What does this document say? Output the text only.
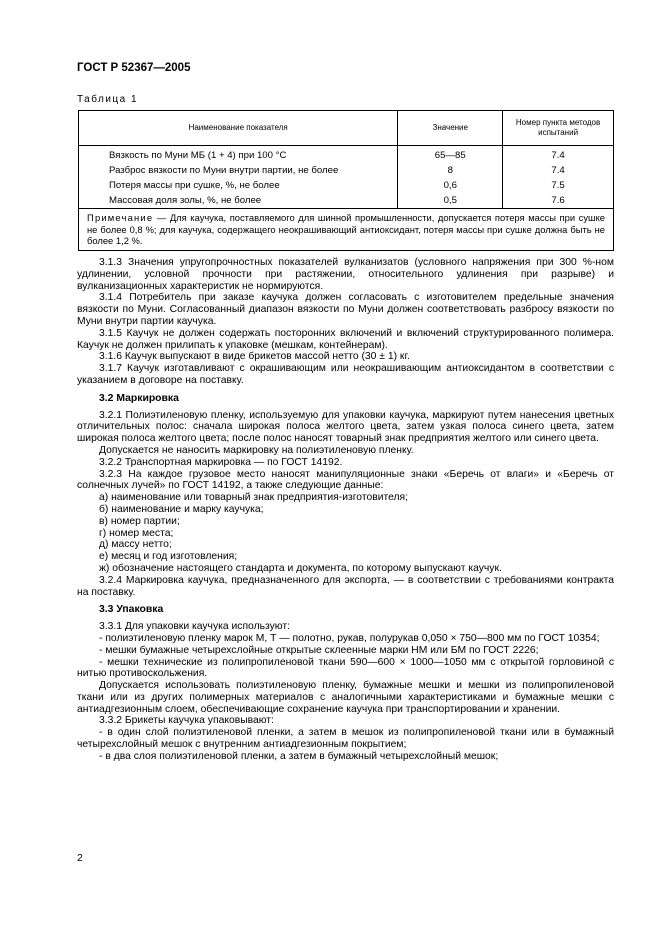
ГОСТ Р 52367—2005
Таблица 1
Наименование показателя	Значение	Номер пункта методов испытаний
Вязкость по Муни МБ (1 + 4) при 100 °С	65—85	7.4
Разброс вязкости по Муни внутри партии, не более	8	7.4
Потеря массы при сушке, %, не более	0,6	7.5
Массовая доля золы, %, не более	0,5	7.6
Примечание — Для каучука, поставляемого для шинной промышленности, допускается потеря массы при сушке не более 0,8 %; для каучука, содержащего неокрашивающий антиоксидант, потеря массы при сушке должна быть не более 1,2 %.		

3.1.3 Значения упругопрочностных показателей вулканизатов (условного напряжения при 300 %-ном удлинении, условной прочности при растяжении, относительного удлинения при разрыве) и вулканизационных характеристик не нормируются.

3.1.4 Потребитель при заказе каучука должен согласовать с изготовителем предельные значения вязкости по Муни. Согласованный диапазон вязкости по Муни должен соответствовать разбросу вязкости по Муни внутри партии каучука.

3.1.5 Каучук не должен содержать посторонних включений и включений структурированного полимера. Каучук не должен прилипать к упаковке (мешкам, контейнерам).

3.1.6 Каучук выпускают в виде брикетов массой нетто (30 ± 1) кг.

3.1.7 Каучук изготавливают с окрашивающим или неокрашивающим антиоксидантом в соответствии с указанием в договоре на поставку.

3.2 Маркировка

3.2.1 Полиэтиленовую пленку, используемую для упаковки каучука, маркируют путем нанесения цветных отличительных полос: сначала широкая полоса желтого цвета, затем узкая полоса синего цвета, затем широкая полоса желтого цвета; после полос наносят товарный знак предприятия желтого или синего цвета.

Допускается не наносить маркировку на полиэтиленовую пленку.

3.2.2 Транспортная маркировка — по ГОСТ 14192.

3.2.3 На каждое грузовое место наносят манипуляционные знаки «Беречь от влаги» и «Беречь от солнечных лучей» по ГОСТ 14192, а также следующие данные:

а) наименование или товарный знак предприятия-изготовителя;

б) наименование и марку каучука;

в) номер партии;

г) номер места;

д) массу нетто;

е) месяц и год изготовления;

ж) обозначение настоящего стандарта и документа, по которому выпускают каучук.

3.2.4 Маркировка каучука, предназначенного для экспорта, — в соответствии с требованиями контракта на поставку.

3.3 Упаковка

3.3.1 Для упаковки каучука используют:

- полиэтиленовую пленку марок М, Т — полотно, рукав, полурукав 0,050 × 750—800 мм по ГОСТ 10354;

- мешки бумажные четырехслойные открытые склеенные марки НМ или БМ по ГОСТ 2226;

- мешки технические из полипропиленовой ткани 590—600 × 1000—1050 мм с открытой горловиной с нитью противоскольжения.

Допускается использовать полиэтиленовую пленку, бумажные мешки и мешки из полипропиленовой ткани или из других полимерных материалов с аналогичными характеристиками и бумажные мешки с антиадгезионным слоем, обеспечивающие сохранение каучука при транспортировании и хранении.

3.3.2 Брикеты каучука упаковывают:

- в один слой полиэтиленовой пленки, а затем в мешок из полипропиленовой ткани или в бумажный четырехслойный мешок с внутренним антиадгезионным покрытием;

- в два слоя полиэтиленовой пленки, а затем в бумажный четырехслойный мешок;

2
